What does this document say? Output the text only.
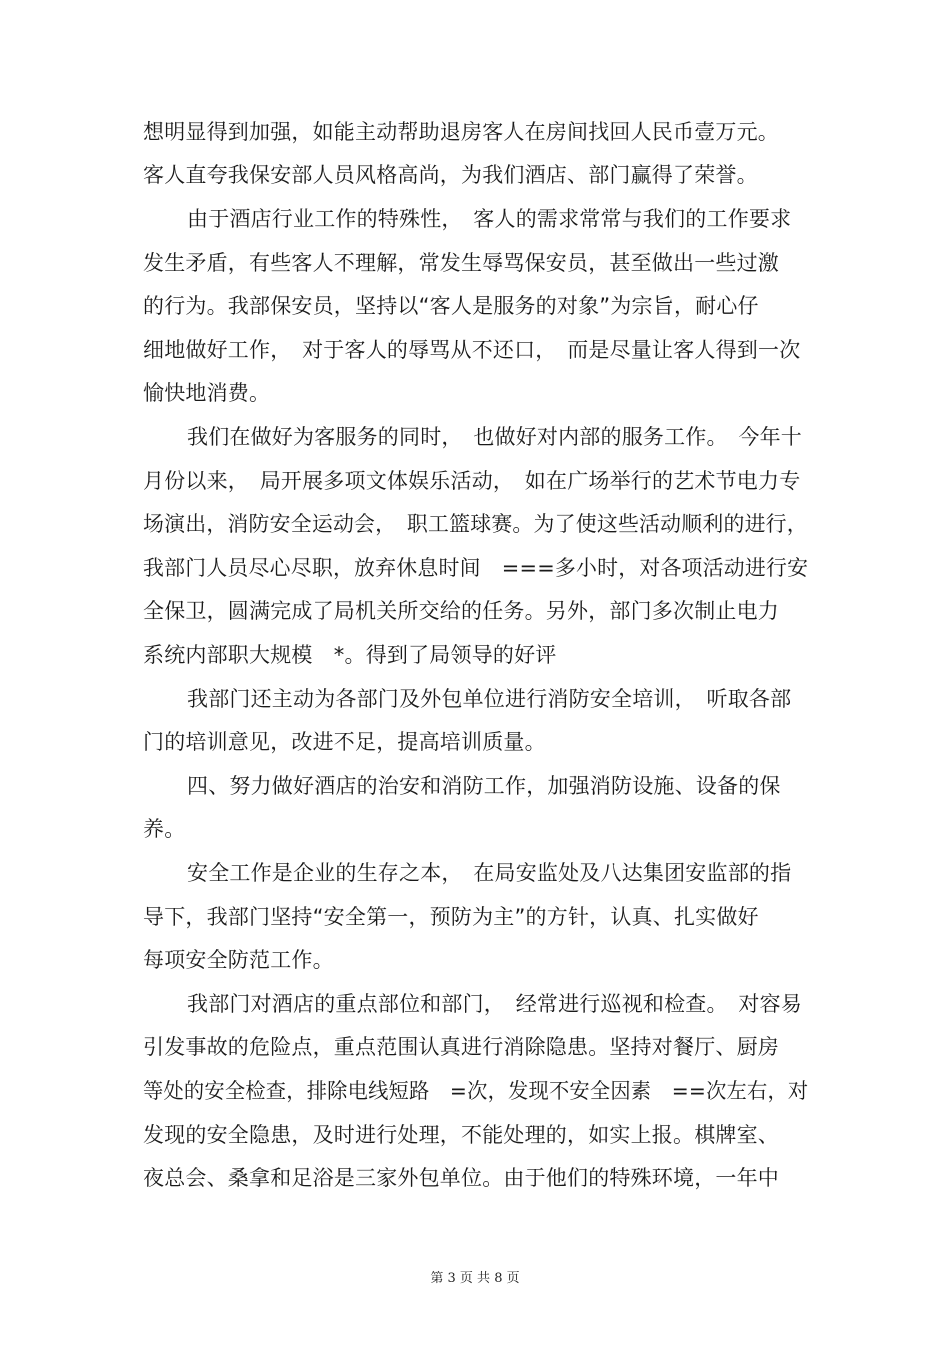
想明显得到加强，如能主动帮助退房客人在房间找回人民币壹万元。
客人直夸我保安部人员风格高尚，为我们酒店、部门赢得了荣誉。
由于酒店行业工作的特殊性，　客人的需求常常与我们的工作要求
发生矛盾，有些客人不理解，常发生辱骂保安员，甚至做出一些过激
的行为。我部保安员，坚持以“客人是服务的对象”为宗旨，耐心仔
细地做好工作，　对于客人的辱骂从不还口，　而是尽量让客人得到一次
愉快地消费。
我们在做好为客服务的同时，　也做好对内部的服务工作。　今年十
月份以来，　局开展多项文体娱乐活动，　如在广场举行的艺术节电力专
场演出，消防安全运动会，　职工篮球赛。为了使这些活动顺利的进行，
我部门人员尽心尽职，放弃休息时间　===多小时，对各项活动进行安
全保卫，圆满完成了局机关所交给的任务。另外，部门多次制止电力
系统内部职大规模　*。得到了局领导的好评
我部门还主动为各部门及外包单位进行消防安全培训，　听取各部
门的培训意见，改进不足，提高培训质量。
四、努力做好酒店的治安和消防工作，加强消防设施、设备的保
养。
安全工作是企业的生存之本，　在局安监处及八达集团安监部的指
导下，我部门坚持“安全第一，预防为主”的方针，认真、扎实做好
每项安全防范工作。
我部门对酒店的重点部位和部门，　经常进行巡视和检查。　对容易
引发事故的危险点，重点范围认真进行消除隐患。坚持对餐厅、厨房
等处的安全检查，排除电线短路　=次，发现不安全因素　==次左右，对
发现的安全隐患，及时进行处理，不能处理的，如实上报。棋牌室、
夜总会、桑拿和足浴是三家外包单位。由于他们的特殊环境，一年中
第 3 页 共 8 页
